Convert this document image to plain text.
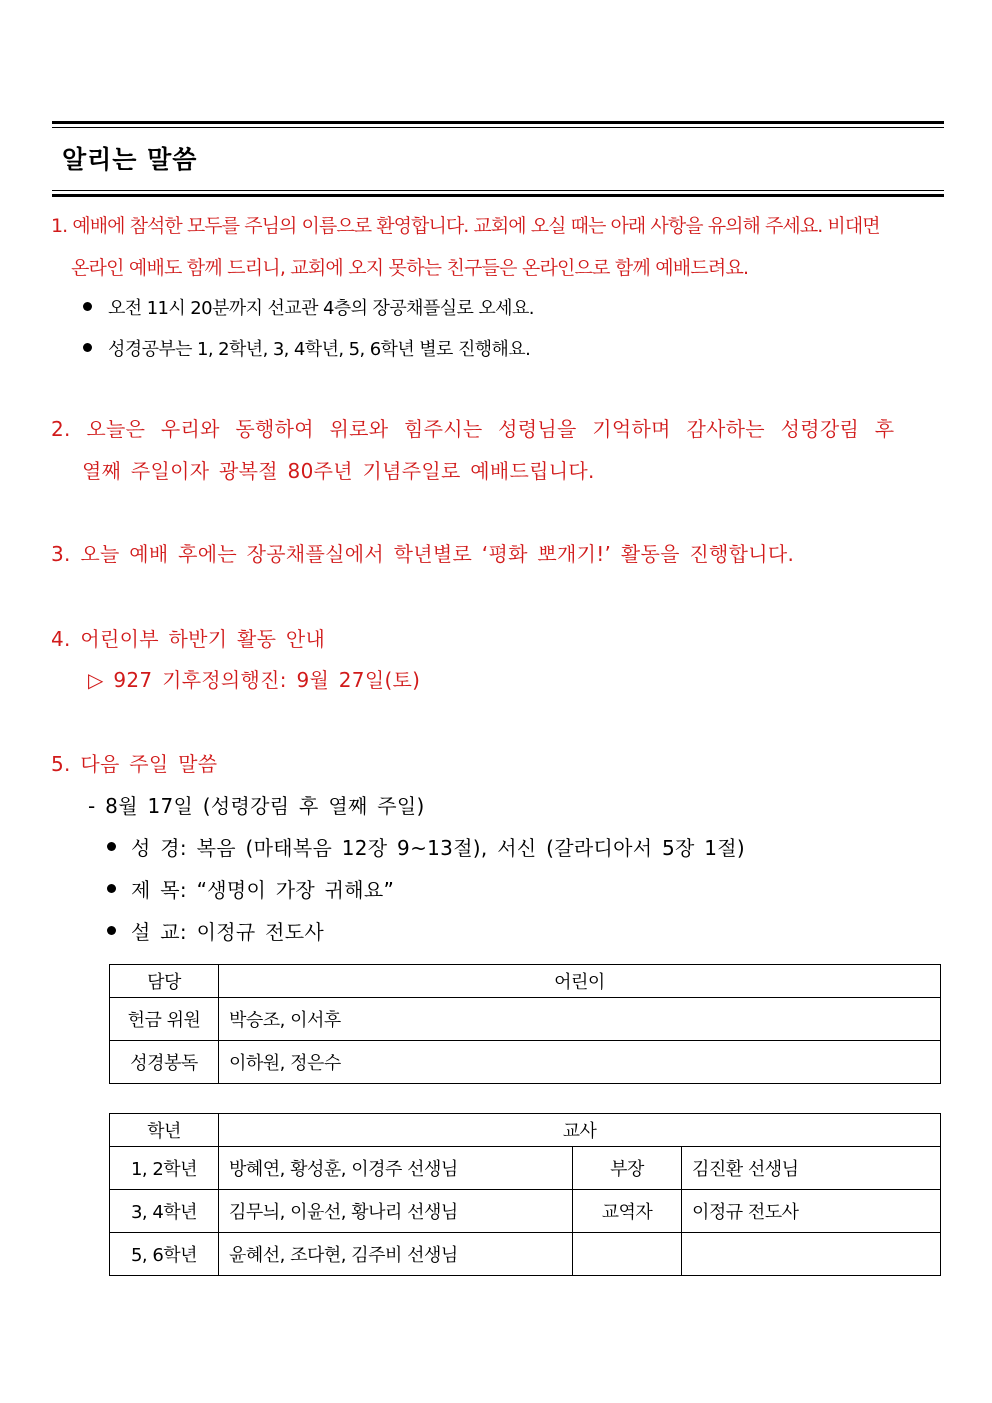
알리는 말씀
1. 예배에 참석한 모두를 주님의 이름으로 환영합니다. 교회에 오실 때는 아래 사항을 유의해 주세요. 비대면
온라인 예배도 함께 드리니, 교회에 오지 못하는 친구들은 온라인으로 함께 예배드려요.
오전 11시 20분까지 선교관 4층의 장공채플실로 오세요.
성경공부는 1, 2학년, 3, 4학년, 5, 6학년 별로 진행해요.
2. 오늘은 우리와 동행하여 위로와 힘주시는 성령님을 기억하며 감사하는 성령강림 후
열째 주일이자 광복절 80주년 기념주일로 예배드립니다.
3. 오늘 예배 후에는 장공채플실에서 학년별로 ‘평화 뽀개기!’ 활동을 진행합니다.
4. 어린이부 하반기 활동 안내
▷ 927 기후정의행진: 9월 27일(토)
5. 다음 주일 말씀
- 8월 17일 (성령강림 후 열째 주일)
성 경: 복음 (마태복음 12장 9~13절), 서신 (갈라디아서 5장 1절)
제 목: “생명이 가장 귀해요”
설 교: 이정규 전도사
담당	어린이
헌금 위원	박승조, 이서후
성경봉독	이하원, 정은수
학년	교사		
1, 2학년	방혜연, 황성훈, 이경주 선생님	부장	김진환 선생님
3, 4학년	김무늬, 이윤선, 황나리 선생님	교역자	이정규 전도사
5, 6학년	윤혜선, 조다현, 김주비 선생님		
